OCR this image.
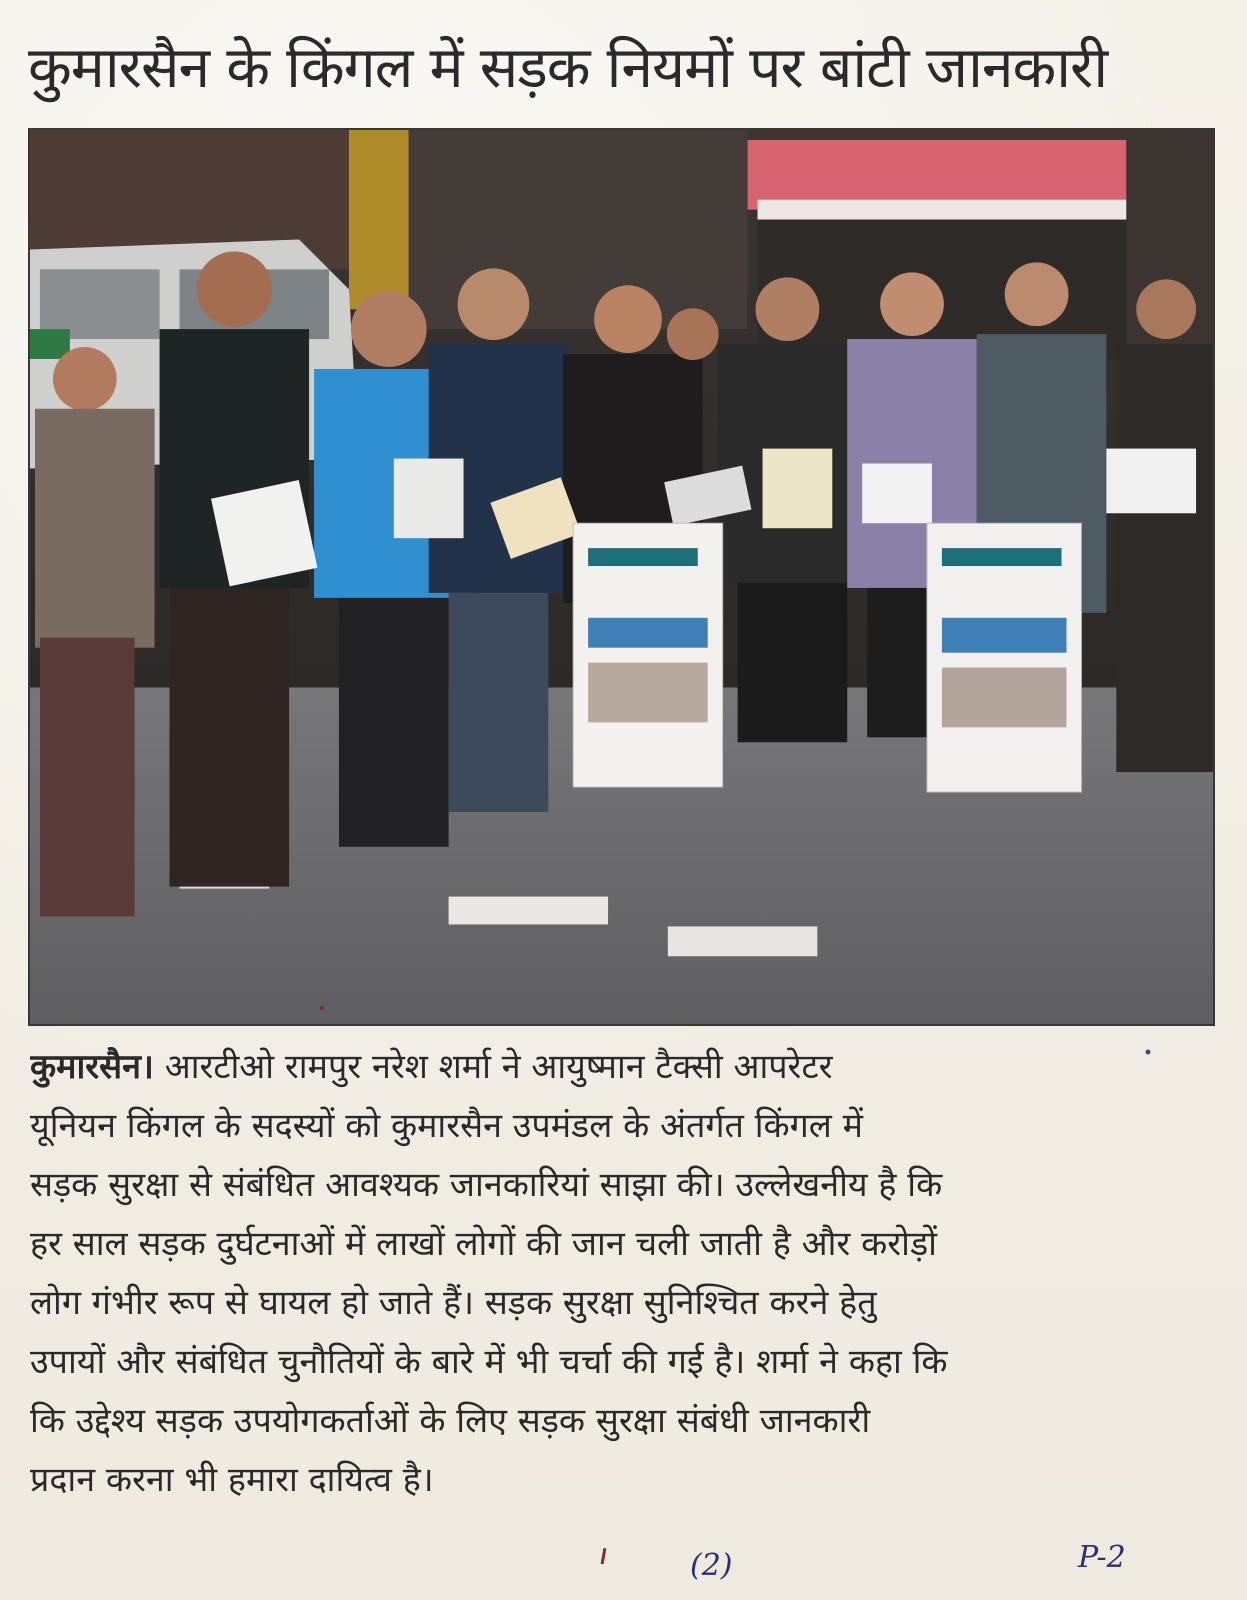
कुमारसैन के किंगल में सड़क नियमों पर बांटी जानकारी
कुमारसैन। आरटीओ रामपुर नरेश शर्मा ने आयुष्मान टैक्सी आपरेटर
यूनियन किंगल के सदस्यों को कुमारसैन उपमंडल के अंतर्गत किंगल में
सड़क सुरक्षा से संबंधित आवश्यक जानकारियां साझा की। उल्लेखनीय है कि
हर साल सड़क दुर्घटनाओं में लाखों लोगों की जान चली जाती है और करोड़ों
लोग गंभीर रूप से घायल हो जाते हैं। सड़क सुरक्षा सुनिश्चित करने हेतु
उपायों और संबंधित चुनौतियों के बारे में भी चर्चा की गई है। शर्मा ने कहा कि
कि उद्देश्य सड़क उपयोगकर्ताओं के लिए सड़क सुरक्षा संबंधी जानकारी
प्रदान करना भी हमारा दायित्व है।
(2)	P-2
